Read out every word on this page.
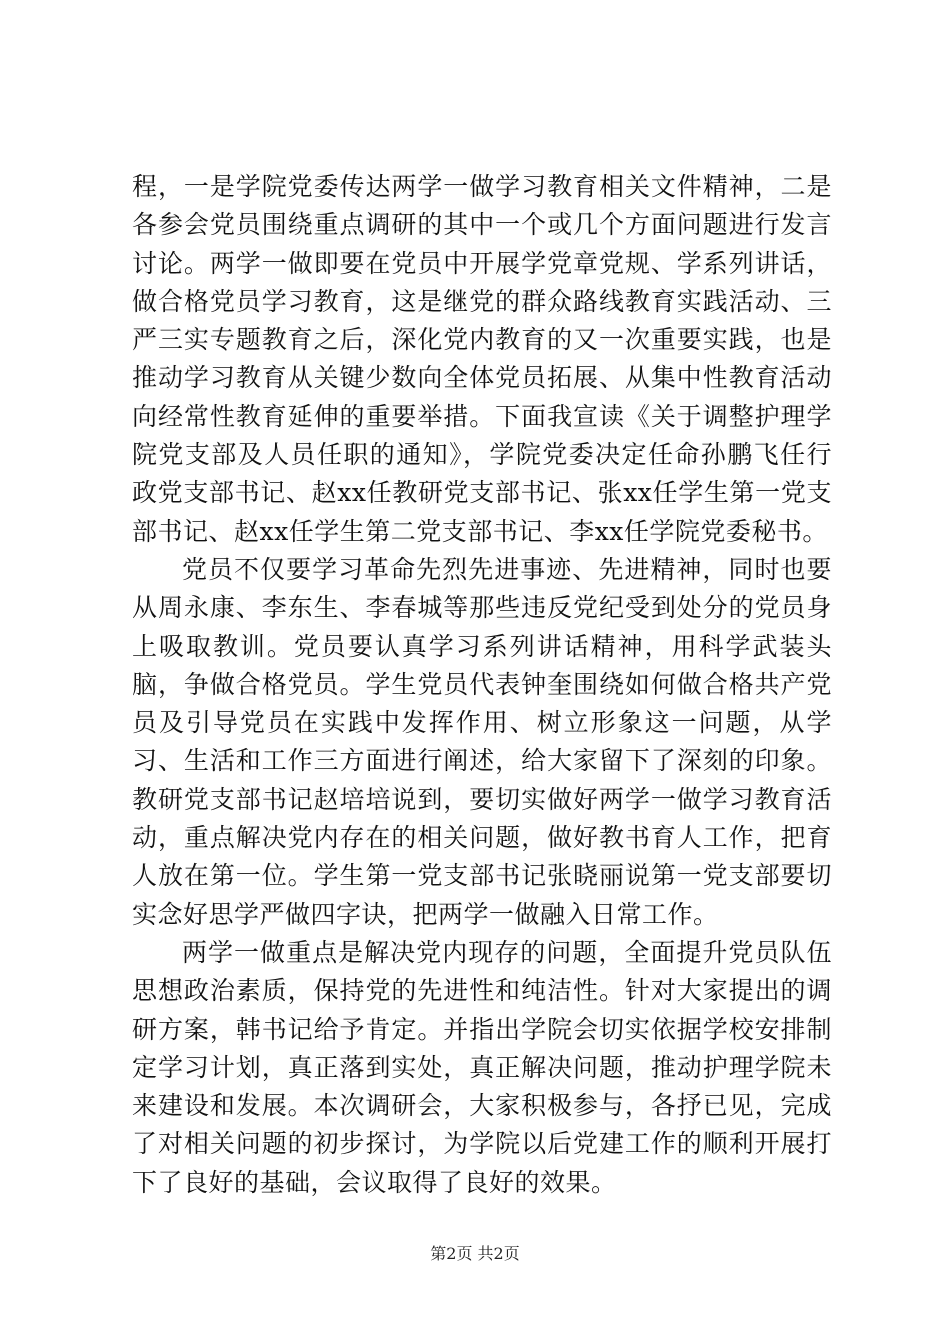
程，一是学院党委传达两学一做学习教育相关文件精神，二是各参会党员围绕重点调研的其中一个或几个方面问题进行发言讨论。两学一做即要在党员中开展学党章党规、学系列讲话，做合格党员学习教育，这是继党的群众路线教育实践活动、三严三实专题教育之后，深化党内教育的又一次重要实践，也是推动学习教育从关键少数向全体党员拓展、从集中性教育活动向经常性教育延伸的重要举措。下面我宣读《关于调整护理学院党支部及人员任职的通知》，学院党委决定任命孙鹏飞任行政党支部书记、赵xx任教研党支部书记、张xx任学生第一党支部书记、赵xx任学生第二党支部书记、李xx任学院党委秘书。

党员不仅要学习革命先烈先进事迹、先进精神，同时也要从周永康、李东生、李春城等那些违反党纪受到处分的党员身上吸取教训。党员要认真学习系列讲话精神，用科学武装头脑，争做合格党员。学生党员代表钟奎围绕如何做合格共产党员及引导党员在实践中发挥作用、树立形象这一问题，从学习、生活和工作三方面进行阐述，给大家留下了深刻的印象。教研党支部书记赵培培说到，要切实做好两学一做学习教育活动，重点解决党内存在的相关问题，做好教书育人工作，把育人放在第一位。学生第一党支部书记张晓丽说第一党支部要切实念好思学严做四字诀，把两学一做融入日常工作。

两学一做重点是解决党内现存的问题，全面提升党员队伍思想政治素质，保持党的先进性和纯洁性。针对大家提出的调研方案，韩书记给予肯定。并指出学院会切实依据学校安排制定学习计划，真正落到实处，真正解决问题，推动护理学院未来建设和发展。本次调研会，大家积极参与，各抒已见，完成了对相关问题的初步探讨，为学院以后党建工作的顺利开展打下了良好的基础，会议取得了良好的效果。

第2页 共2页
